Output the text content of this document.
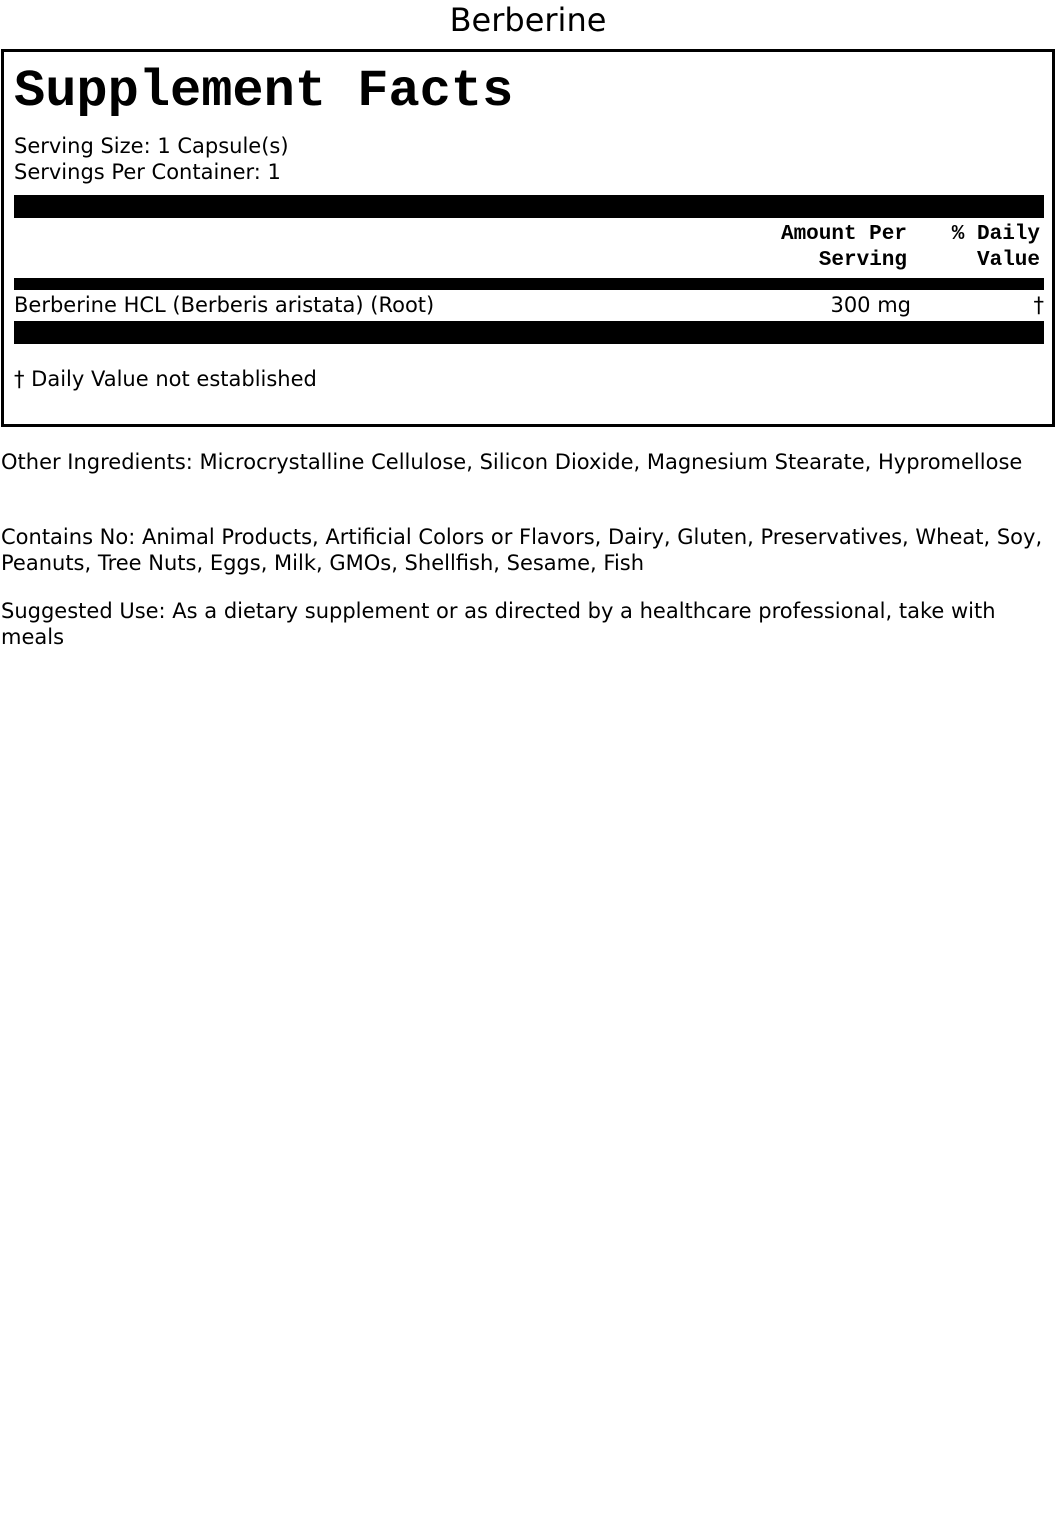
Berberine
Supplement Facts
Serving Size: 1 Capsule(s)
Servings Per Container: 1
Amount Per
Serving
% Daily
Value
Berberine HCL (Berberis aristata) (Root)	300 mg	†
† Daily Value not established
Other Ingredients: Microcrystalline Cellulose, Silicon Dioxide, Magnesium Stearate, Hypromellose
Contains No: Animal Products, Artificial Colors or Flavors, Dairy, Gluten, Preservatives, Wheat, Soy, Peanuts, Tree Nuts, Eggs, Milk, GMOs, Shellfish, Sesame, Fish
Suggested Use: As a dietary supplement or as directed by a healthcare professional, take with meals
